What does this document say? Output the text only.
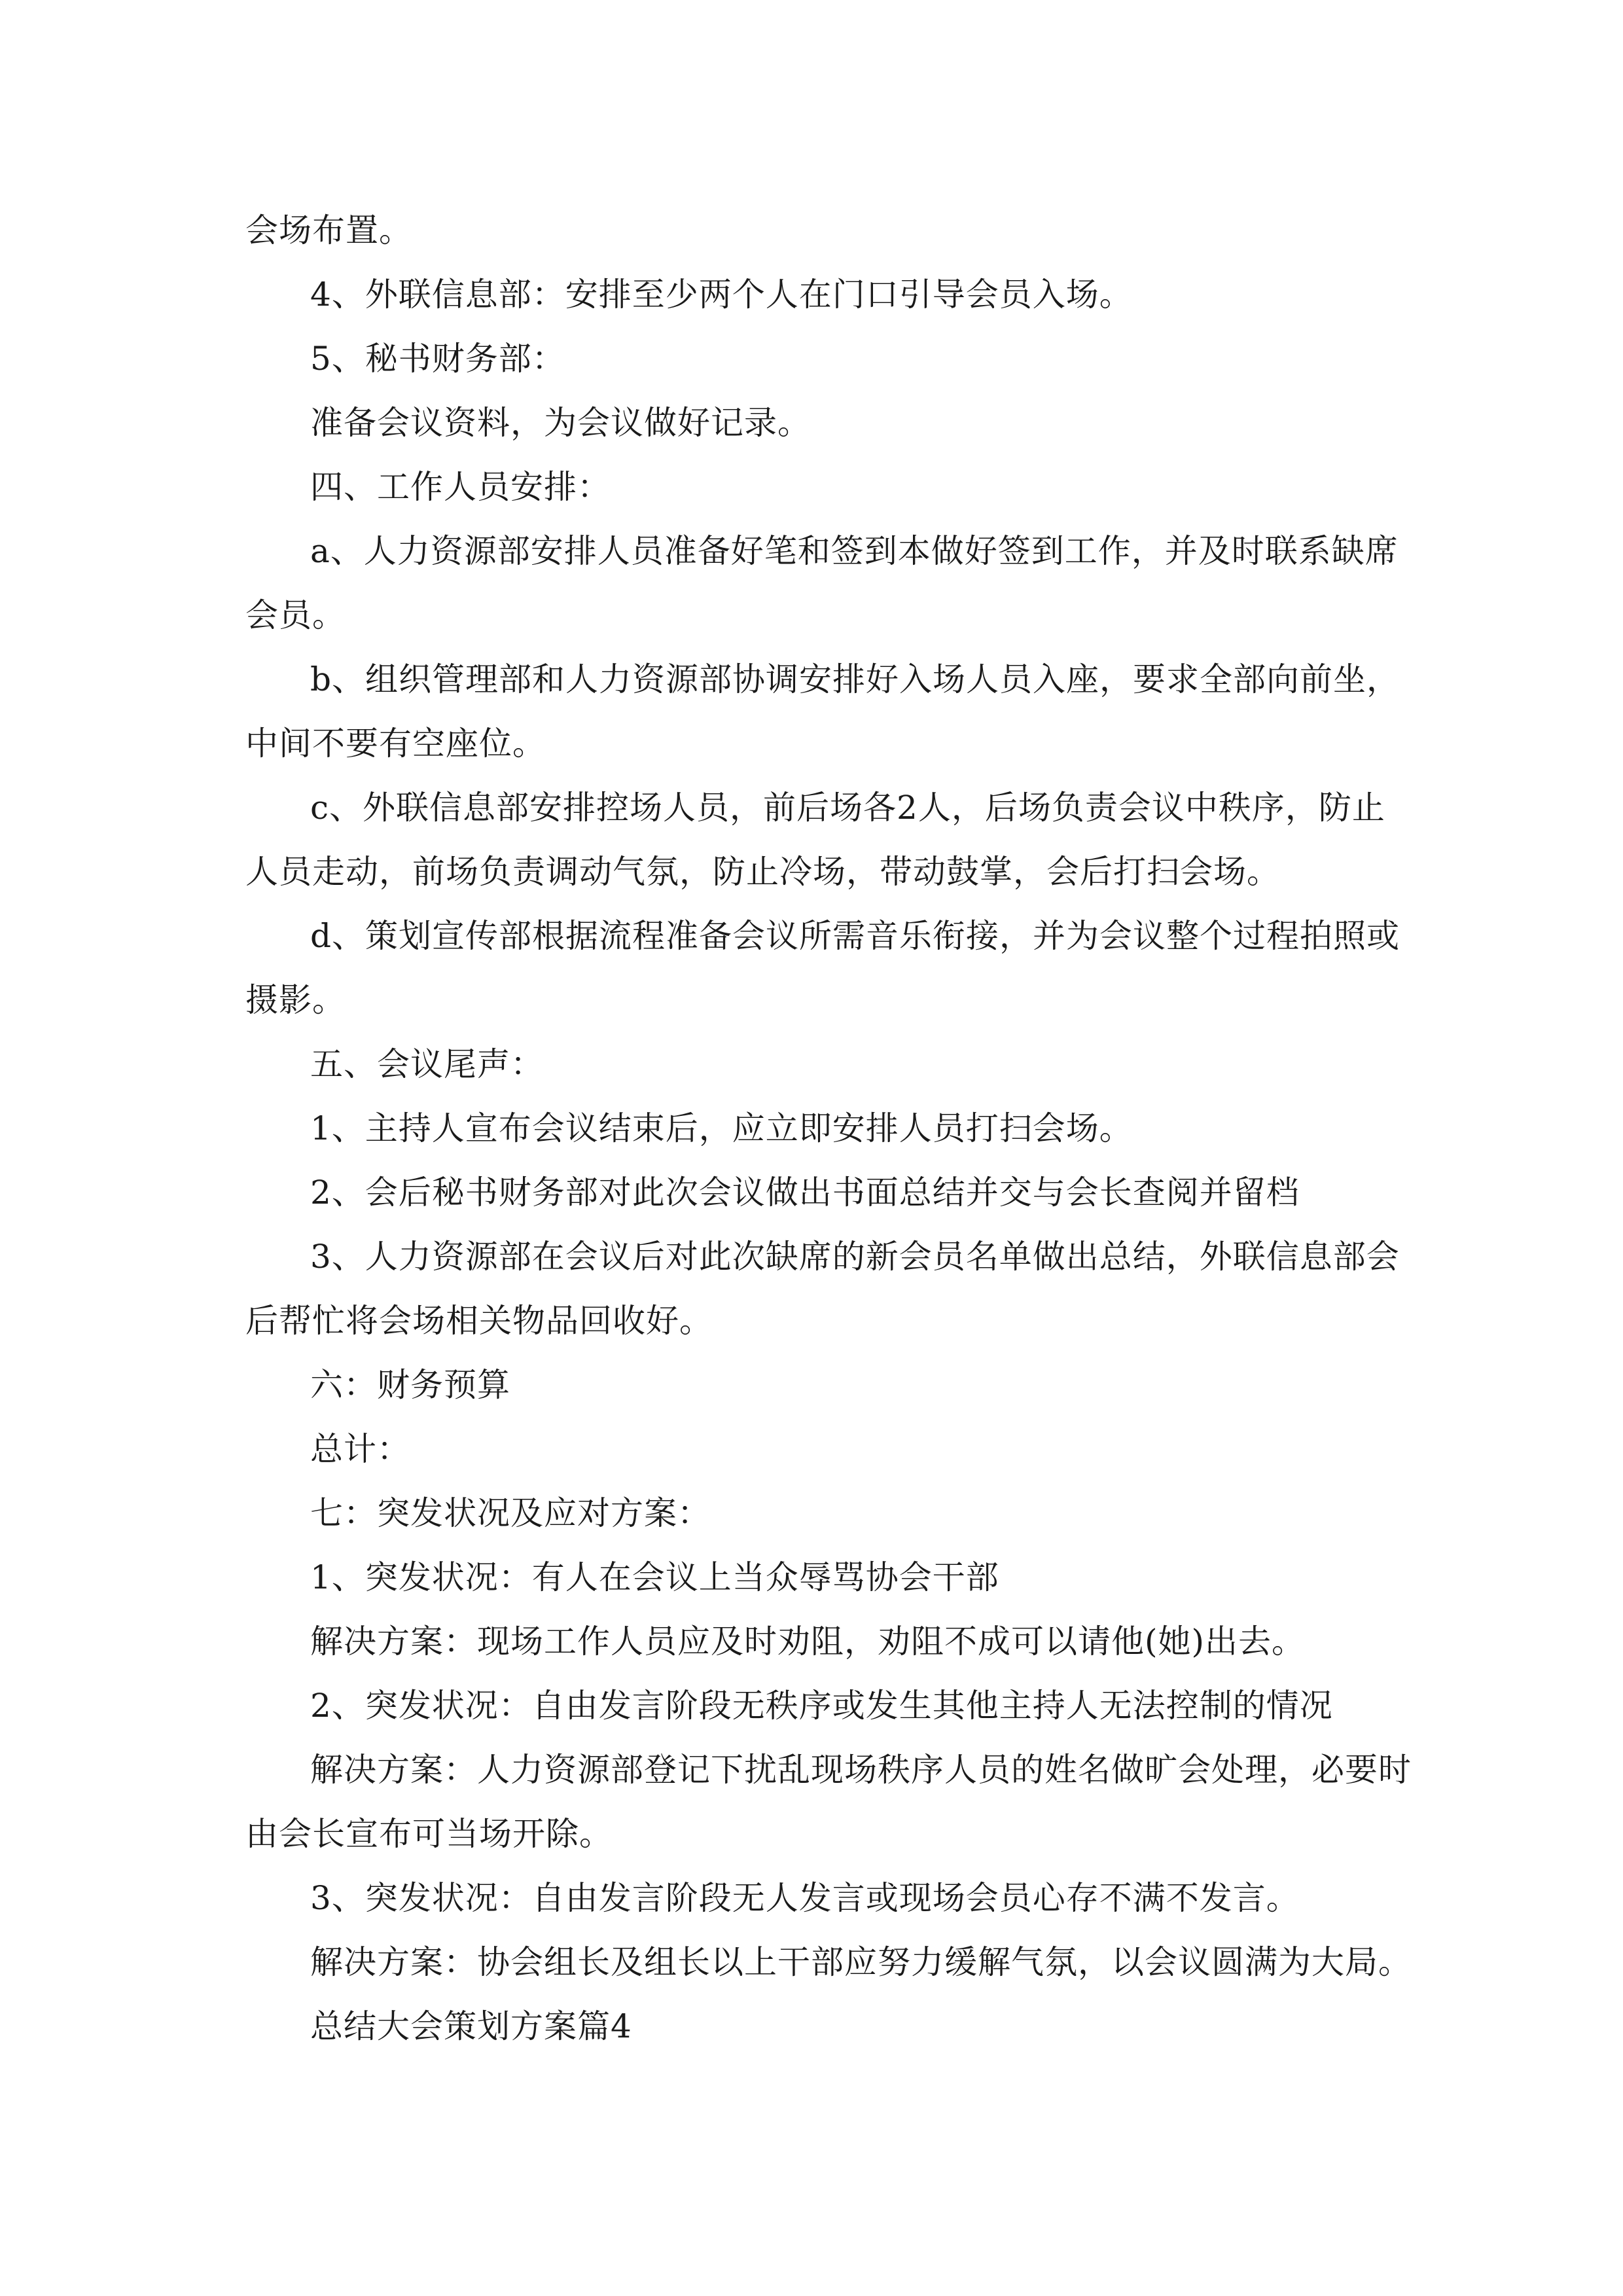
会场布置。
4、外联信息部：安排至少两个人在门口引导会员入场。
5、秘书财务部：
准备会议资料，为会议做好记录。
四、工作人员安排：
a、人力资源部安排人员准备好笔和签到本做好签到工作，并及时联系缺席
会员。
b、组织管理部和人力资源部协调安排好入场人员入座，要求全部向前坐，
中间不要有空座位。
c、外联信息部安排控场人员，前后场各2人，后场负责会议中秩序，防止
人员走动，前场负责调动气氛，防止冷场，带动鼓掌，会后打扫会场。
d、策划宣传部根据流程准备会议所需音乐衔接，并为会议整个过程拍照或
摄影。
五、会议尾声：
1、主持人宣布会议结束后，应立即安排人员打扫会场。
2、会后秘书财务部对此次会议做出书面总结并交与会长查阅并留档
3、人力资源部在会议后对此次缺席的新会员名单做出总结，外联信息部会
后帮忙将会场相关物品回收好。
六：财务预算
总计：
七：突发状况及应对方案：
1、突发状况：有人在会议上当众辱骂协会干部
解决方案：现场工作人员应及时劝阻，劝阻不成可以请他(她)出去。
2、突发状况：自由发言阶段无秩序或发生其他主持人无法控制的情况
解决方案：人力资源部登记下扰乱现场秩序人员的姓名做旷会处理，必要时
由会长宣布可当场开除。
3、突发状况：自由发言阶段无人发言或现场会员心存不满不发言。
解决方案：协会组长及组长以上干部应努力缓解气氛，以会议圆满为大局。
总结大会策划方案篇4
